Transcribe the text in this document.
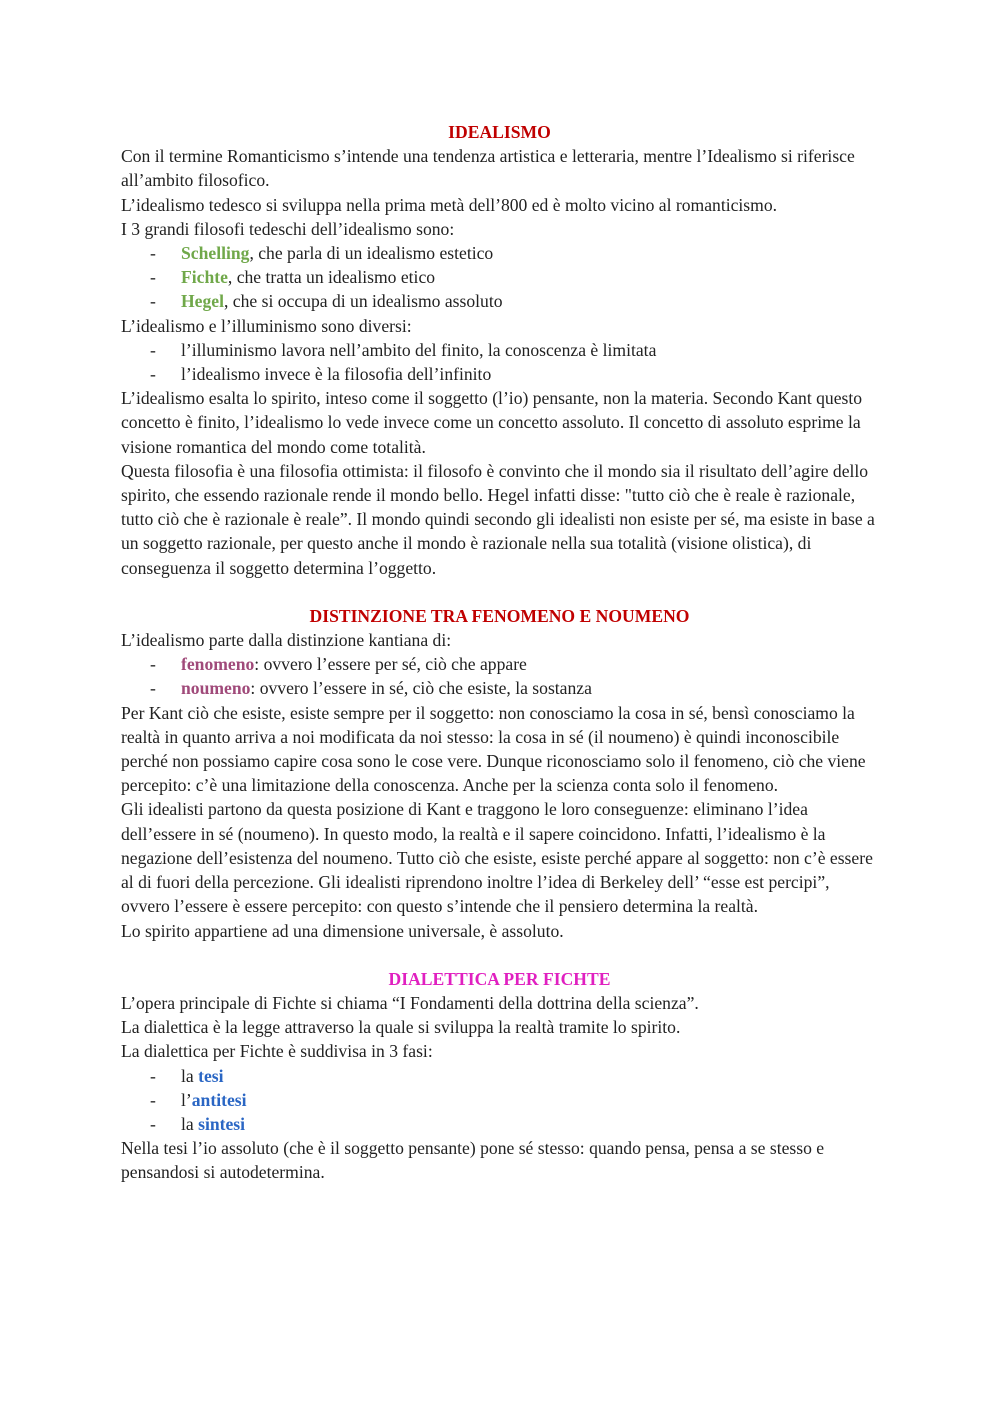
IDEALISMO

Con il termine Romanticismo s’intende una tendenza artistica e letteraria, mentre l’Idealismo si riferisce all’ambito filosofico.

L’idealismo tedesco si sviluppa nella prima metà dell’800 ed è molto vicino al romanticismo.

I 3 grandi filosofi tedeschi dell’idealismo sono:

- Schelling, che parla di un idealismo estetico
- Fichte, che tratta un idealismo etico
- Hegel, che si occupa di un idealismo assoluto

L’idealismo e l’illuminismo sono diversi:

- l’illuminismo lavora nell’ambito del finito, la conoscenza è limitata
- l’idealismo invece è la filosofia dell’infinito

L’idealismo esalta lo spirito, inteso come il soggetto (l’io) pensante, non la materia. Secondo Kant questo concetto è finito, l’idealismo lo vede invece come un concetto assoluto. Il concetto di assoluto esprime la visione romantica del mondo come totalità.

Questa filosofia è una filosofia ottimista: il filosofo è convinto che il mondo sia il risultato dell’agire dello spirito, che essendo razionale rende il mondo bello. Hegel infatti disse: "tutto ciò che è reale è razionale, tutto ciò che è razionale è reale”. Il mondo quindi secondo gli idealisti non esiste per sé, ma esiste in base a un soggetto razionale, per questo anche il mondo è razionale nella sua totalità (visione olistica), di conseguenza il soggetto determina l’oggetto.

DISTINZIONE TRA FENOMENO E NOUMENO

L’idealismo parte dalla distinzione kantiana di:

- fenomeno: ovvero l’essere per sé, ciò che appare
- noumeno: ovvero l’essere in sé, ciò che esiste, la sostanza

Per Kant ciò che esiste, esiste sempre per il soggetto: non conosciamo la cosa in sé, bensì conosciamo la realtà in quanto arriva a noi modificata da noi stesso: la cosa in sé (il noumeno) è quindi inconoscibile perché non possiamo capire cosa sono le cose vere. Dunque riconosciamo solo il fenomeno, ciò che viene percepito: c’è una limitazione della conoscenza. Anche per la scienza conta solo il fenomeno.

Gli idealisti partono da questa posizione di Kant e traggono le loro conseguenze: eliminano l’idea dell’essere in sé (noumeno). In questo modo, la realtà e il sapere coincidono. Infatti, l’idealismo è la negazione dell’esistenza del noumeno. Tutto ciò che esiste, esiste perché appare al soggetto: non c’è essere al di fuori della percezione. Gli idealisti riprendono inoltre l’idea di Berkeley dell’ “esse est percipi”, ovvero l’essere è essere percepito: con questo s’intende che il pensiero determina la realtà.

Lo spirito appartiene ad una dimensione universale, è assoluto.

DIALETTICA PER FICHTE

L’opera principale di Fichte si chiama “I Fondamenti della dottrina della scienza”.

La dialettica è la legge attraverso la quale si sviluppa la realtà tramite lo spirito.

La dialettica per Fichte è suddivisa in 3 fasi:

- la tesi
- l’antitesi
- la sintesi

Nella tesi l’io assoluto (che è il soggetto pensante) pone sé stesso: quando pensa, pensa a se stesso e pensandosi si autodetermina.
